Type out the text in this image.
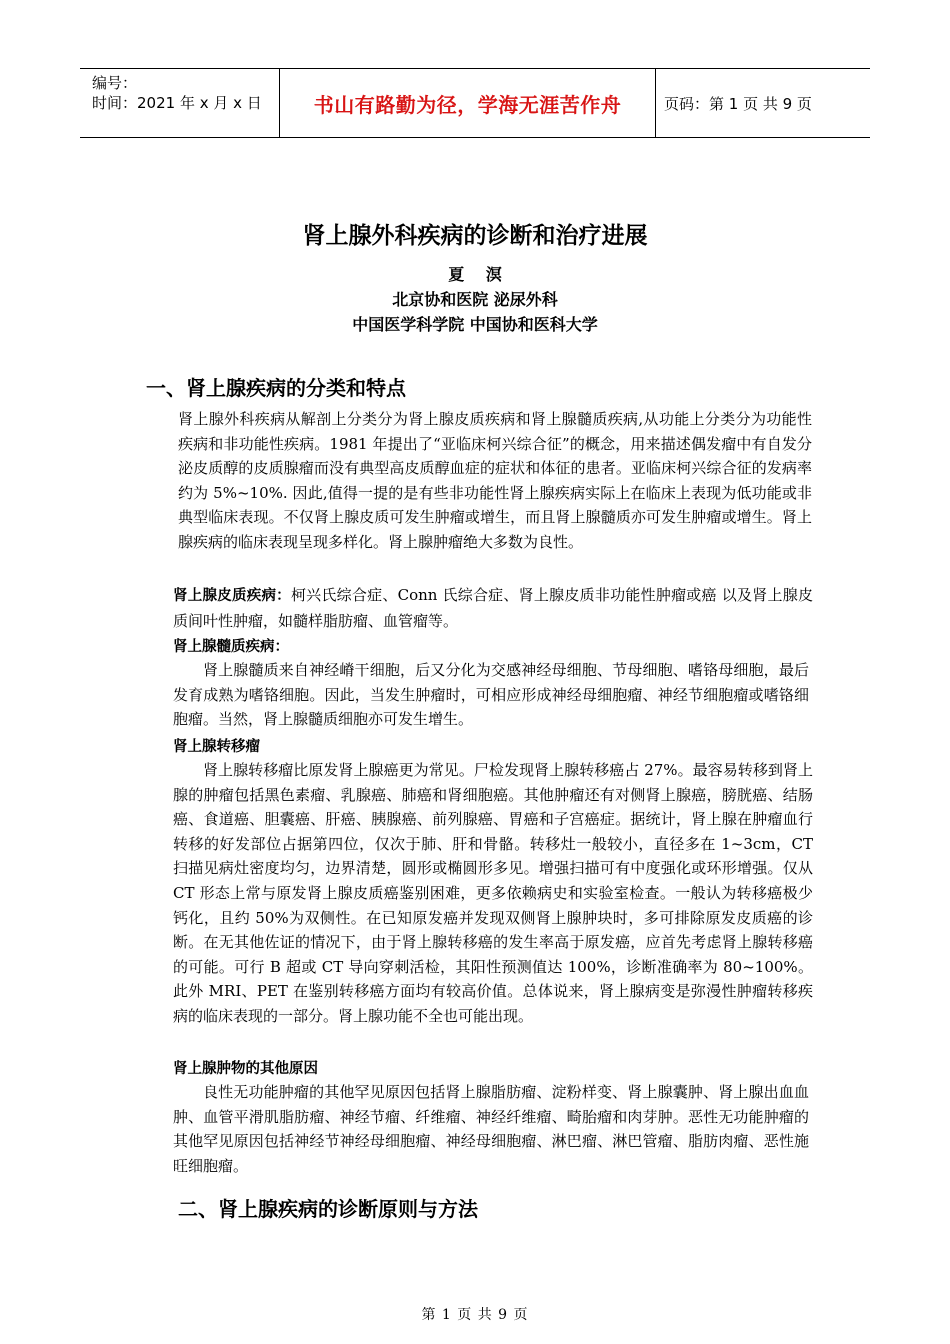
编号：
时间：2021 年 x 月 x 日	书山有路勤为径，学海无涯苦作舟	页码：第 1 页 共 9 页
肾上腺外科疾病的诊断和治疗进展
夏　 溟
北京协和医院 泌尿外科
中国医学科学院 中国协和医科大学
一、肾上腺疾病的分类和特点
肾上腺外科疾病从解剖上分类分为肾上腺皮质疾病和肾上腺髓质疾病,从功能上分类分为功能性疾病和非功能性疾病。1981 年提出了“亚临床柯兴综合征”的概念，用来描述偶发瘤中有自发分泌皮质醇的皮质腺瘤而没有典型高皮质醇血症的症状和体征的患者。亚临床柯兴综合征的发病率约为 5%~10%. 因此,值得一提的是有些非功能性肾上腺疾病实际上在临床上表现为低功能或非典型临床表现。不仅肾上腺皮质可发生肿瘤或增生，而且肾上腺髓质亦可发生肿瘤或增生。肾上腺疾病的临床表现呈现多样化。肾上腺肿瘤绝大多数为良性。
肾上腺皮质疾病：柯兴氏综合症、Conn 氏综合症、肾上腺皮质非功能性肿瘤或癌 以及肾上腺皮质间叶性肿瘤，如髓样脂肪瘤、血管瘤等。
肾上腺髓质疾病：
肾上腺髓质来自神经嵴干细胞，后又分化为交感神经母细胞、节母细胞、嗜铬母细胞，最后发育成熟为嗜铬细胞。因此，当发生肿瘤时，可相应形成神经母细胞瘤、神经节细胞瘤或嗜铬细胞瘤。当然，肾上腺髓质细胞亦可发生增生。
肾上腺转移瘤
肾上腺转移瘤比原发肾上腺癌更为常见。尸检发现肾上腺转移癌占 27%。最容易转移到肾上腺的肿瘤包括黑色素瘤、乳腺癌、肺癌和肾细胞癌。其他肿瘤还有对侧肾上腺癌，膀胱癌、结肠癌、食道癌、胆囊癌、肝癌、胰腺癌、前列腺癌、胃癌和子宫癌症。据统计，肾上腺在肿瘤血行转移的好发部位占据第四位，仅次于肺、肝和骨骼。转移灶一般较小，直径多在 1~3cm，CT 扫描见病灶密度均匀，边界清楚，圆形或椭圆形多见。增强扫描可有中度强化或环形增强。仅从 CT 形态上常与原发肾上腺皮质癌鉴别困难，更多依赖病史和实验室检查。一般认为转移癌极少钙化，且约 50%为双侧性。在已知原发癌并发现双侧肾上腺肿块时，多可排除原发皮质癌的诊断。在无其他佐证的情况下，由于肾上腺转移癌的发生率高于原发癌，应首先考虑肾上腺转移癌的可能。可行 B 超或 CT 导向穿刺活检，其阳性预测值达 100%，诊断准确率为 80~100%。此外 MRI、PET 在鉴别转移癌方面均有较高价值。总体说来，肾上腺病变是弥漫性肿瘤转移疾病的临床表现的一部分。肾上腺功能不全也可能出现。
肾上腺肿物的其他原因
良性无功能肿瘤的其他罕见原因包括肾上腺脂肪瘤、淀粉样变、肾上腺囊肿、肾上腺出血血肿、血管平滑肌脂肪瘤、神经节瘤、纤维瘤、神经纤维瘤、畸胎瘤和肉芽肿。恶性无功能肿瘤的其他罕见原因包括神经节神经母细胞瘤、神经母细胞瘤、淋巴瘤、淋巴管瘤、脂肪肉瘤、恶性施旺细胞瘤。
二、肾上腺疾病的诊断原则与方法
第 1 页 共 9 页
